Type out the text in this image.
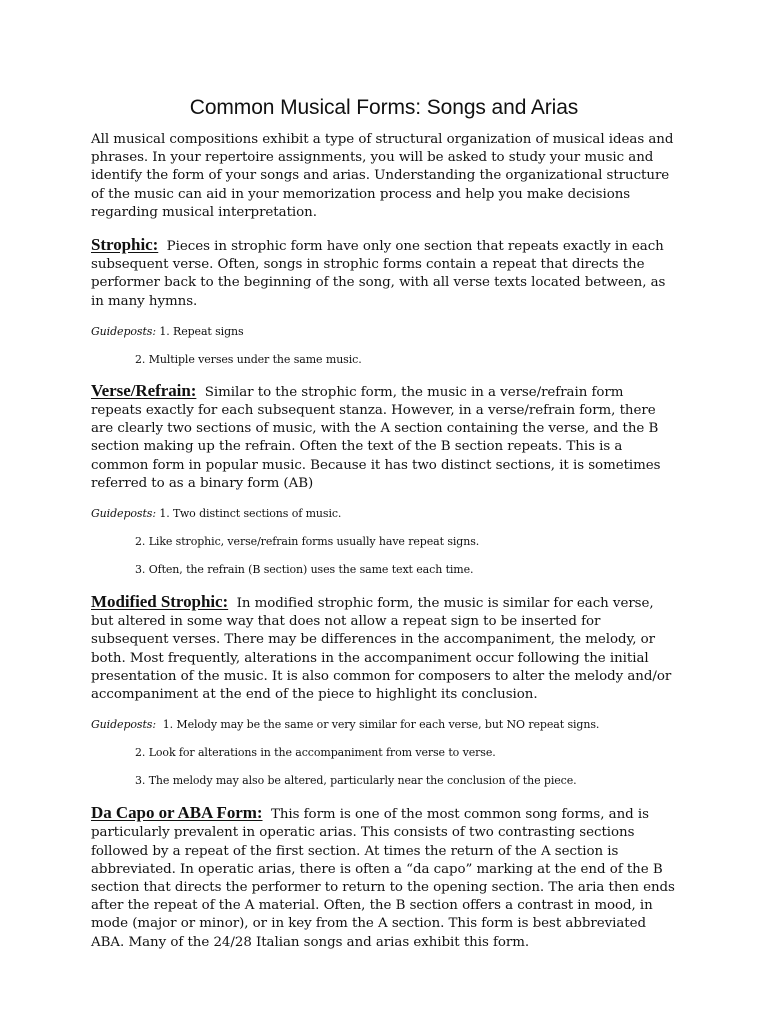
Common Musical Forms: Songs and Arias

All musical compositions exhibit a type of structural organization of musical ideas and phrases. In your repertoire assignments, you will be asked to study your music and identify the form of your songs and arias. Understanding the organizational structure of the music can aid in your memorization process and help you make decisions regarding musical interpretation.

Strophic: Pieces in strophic form have only one section that repeats exactly in each subsequent verse. Often, songs in strophic forms contain a repeat that directs the performer back to the beginning of the song, with all verse texts located between, as in many hymns.

Guideposts: 1. Repeat signs

2. Multiple verses under the same music.

Verse/Refrain: Similar to the strophic form, the music in a verse/refrain form repeats exactly for each subsequent stanza. However, in a verse/refrain form, there are clearly two sections of music, with the A section containing the verse, and the B section making up the refrain. Often the text of the B section repeats. This is a common form in popular music. Because it has two distinct sections, it is sometimes referred to as a binary form (AB)

Guideposts: 1. Two distinct sections of music.

2. Like strophic, verse/refrain forms usually have repeat signs.

3. Often, the refrain (B section) uses the same text each time.

Modified Strophic: In modified strophic form, the music is similar for each verse, but altered in some way that does not allow a repeat sign to be inserted for subsequent verses. There may be differences in the accompaniment, the melody, or both. Most frequently, alterations in the accompaniment occur following the initial presentation of the music. It is also common for composers to alter the melody and/or accompaniment at the end of the piece to highlight its conclusion.

Guideposts: 1. Melody may be the same or very similar for each verse, but NO repeat signs.

2. Look for alterations in the accompaniment from verse to verse.

3. The melody may also be altered, particularly near the conclusion of the piece.

Da Capo or ABA Form: This form is one of the most common song forms, and is particularly prevalent in operatic arias. This consists of two contrasting sections followed by a repeat of the first section. At times the return of the A section is abbreviated. In operatic arias, there is often a “da capo” marking at the end of the B section that directs the performer to return to the opening section. The aria then ends after the repeat of the A material. Often, the B section offers a contrast in mood, in mode (major or minor), or in key from the A section. This form is best abbreviated ABA. Many of the 24/28 Italian songs and arias exhibit this form.
